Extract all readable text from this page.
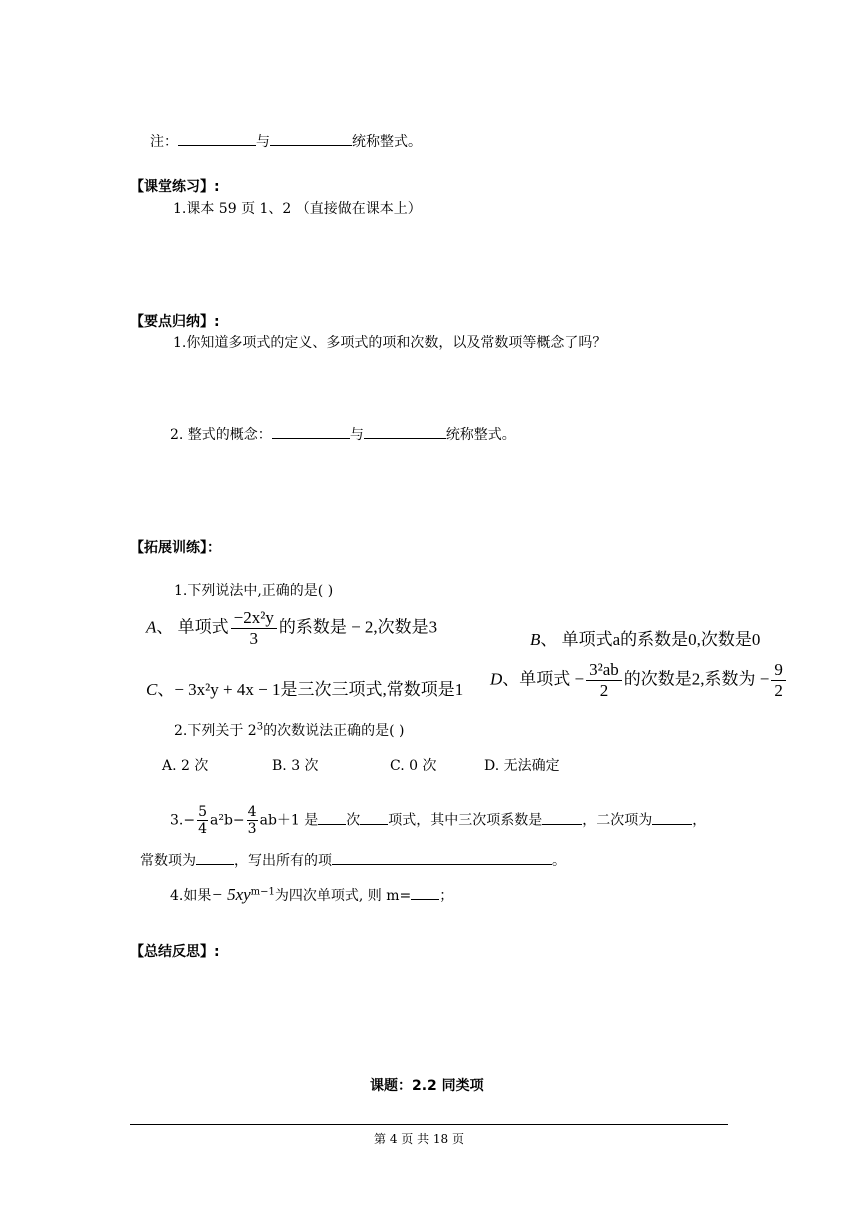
注：	与	统称整式。
【课堂练习】:
1.课本 59 页 1、2 （直接做在课本上）
【要点归纳】:
1.你知道多项式的定义、多项式的项和次数，以及常数项等概念了吗？
2. 整式的概念：	与	统称整式。
【拓展训练】：
1.下列说法中,正确的是( )
A、 单项式 $\frac{\text{−2x²y}}{3}$ 的系数是 − 2,次数是3
B、 单项式a的系数是0,次数是0
C、− 3x²y + 4x − 1是三次三项式,常数项是1
D、单项式 − $\frac{\text{3²ab}}{2}$ 的次数是2,系数为 − $\frac{9}{2}$
2.下列关于 $2^3$的次数说法正确的是( )
A. 2 次	B. 3 次	C. 0 次	D. 无法确定
$3.- \frac{5}{4} a^2b- \frac{4}{3} ab+1$ 是 次 项式，其中三次项系数是	，二次项为	，
常数项为	，写出所有的项	。
4.如果− $5xy^{m-1}$为四次单项式, 则 m= ；
【总结反思】:
课题：2.2 同类项
第 4 页 共 18 页
